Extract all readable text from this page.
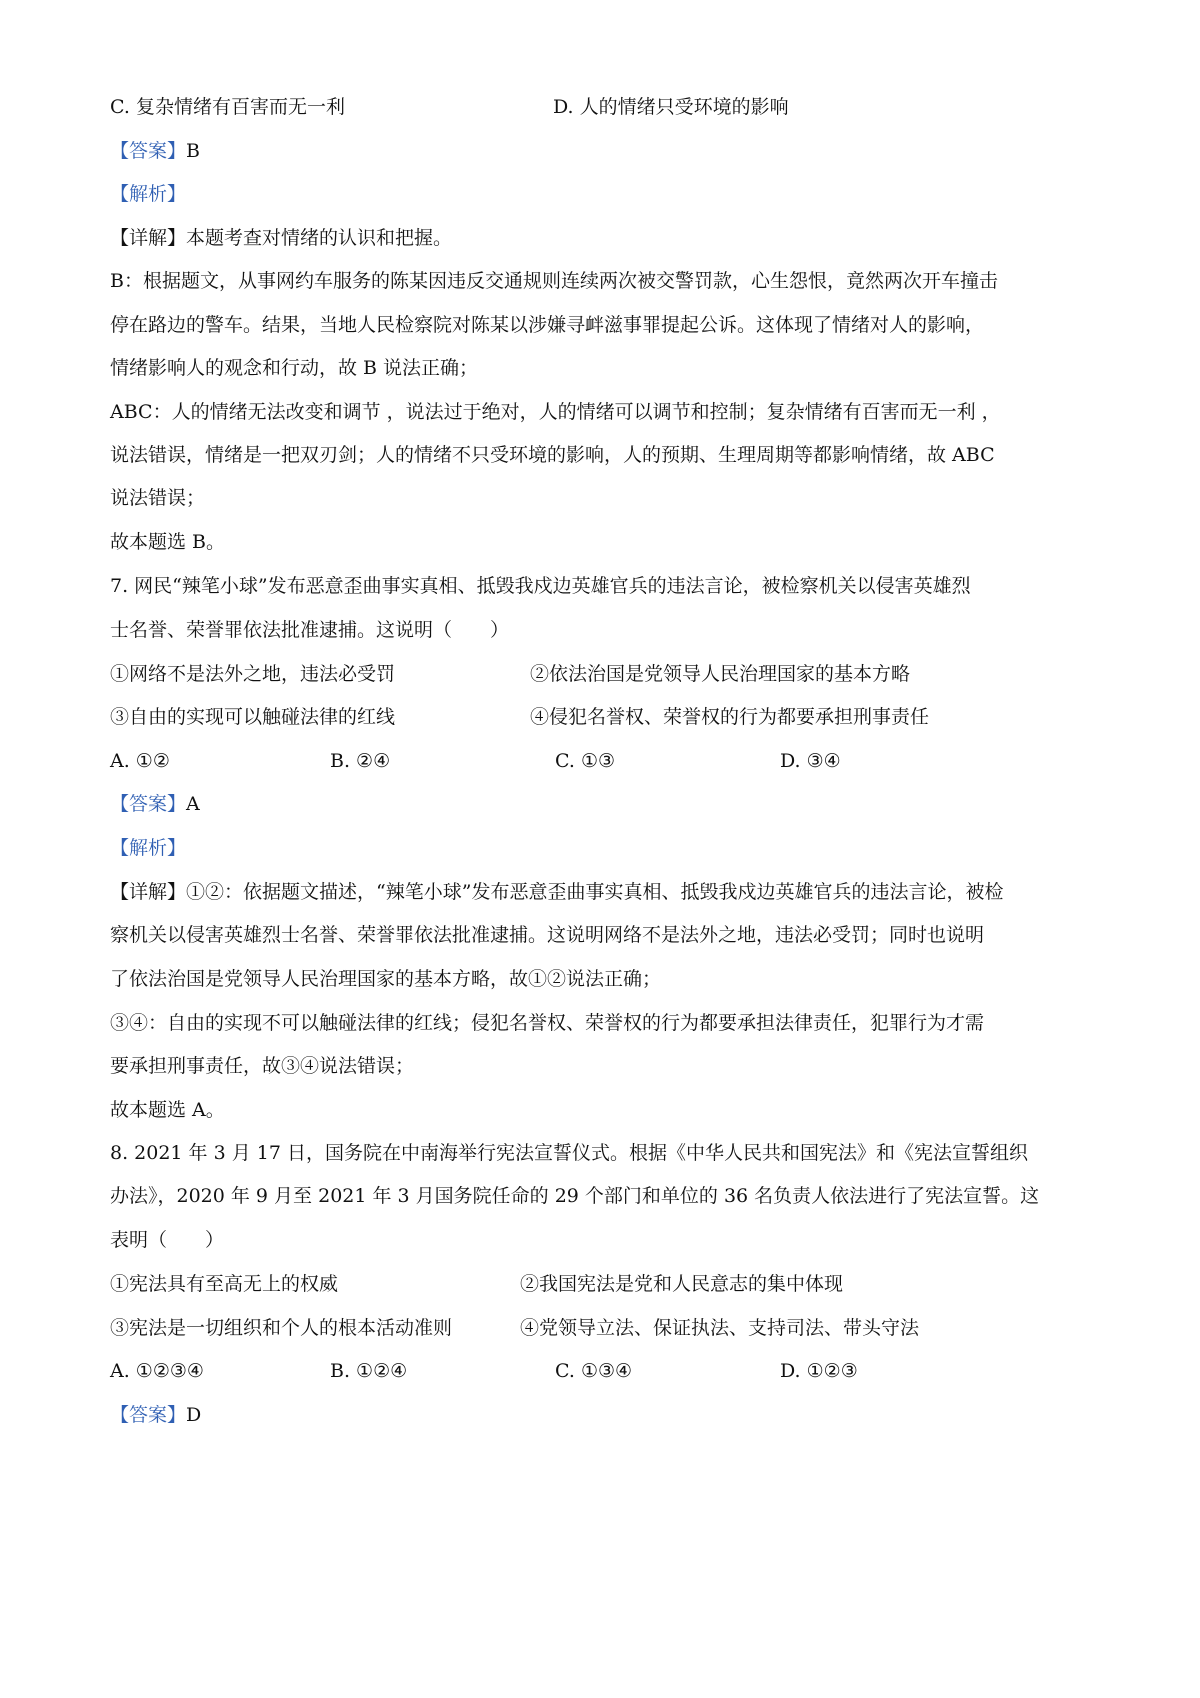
C. 复杂情绪有百害而无一利	D. 人的情绪只受环境的影响
【答案】B
【解析】
【详解】本题考查对情绪的认识和把握。
B：根据题文，从事网约车服务的陈某因违反交通规则连续两次被交警罚款，心生怨恨，竟然两次开车撞击
停在路边的警车。结果，当地人民检察院对陈某以涉嫌寻衅滋事罪提起公诉。这体现了情绪对人的影响，
情绪影响人的观念和行动，故 B 说法正确；
ABC：人的情绪无法改变和调节 ，说法过于绝对，人的情绪可以调节和控制；复杂情绪有百害而无一利 ，
说法错误，情绪是一把双刃剑；人的情绪不只受环境的影响，人的预期、生理周期等都影响情绪，故 ABC
说法错误；
故本题选 B。
7. 网民“辣笔小球”发布恶意歪曲事实真相、抵毁我戍边英雄官兵的违法言论，被检察机关以侵害英雄烈
士名誉、荣誉罪依法批准逮捕。这说明（　　）
①网络不是法外之地，违法必受罚	②依法治国是党领导人民治理国家的基本方略
③自由的实现可以触碰法律的红线	④侵犯名誉权、荣誉权的行为都要承担刑事责任
A. ①②	B. ②④	C. ①③	D. ③④
【答案】A
【解析】
【详解】①②：依据题文描述，“辣笔小球”发布恶意歪曲事实真相、抵毁我戍边英雄官兵的违法言论，被检
察机关以侵害英雄烈士名誉、荣誉罪依法批准逮捕。这说明网络不是法外之地，违法必受罚；同时也说明
了依法治国是党领导人民治理国家的基本方略，故①②说法正确；
③④：自由的实现不可以触碰法律的红线；侵犯名誉权、荣誉权的行为都要承担法律责任，犯罪行为才需
要承担刑事责任，故③④说法错误；
故本题选 A。
8. 2021 年 3 月 17 日，国务院在中南海举行宪法宣誓仪式。根据《中华人民共和国宪法》和《宪法宣誓组织
办法》，2020 年 9 月至 2021 年 3 月国务院任命的 29 个部门和单位的 36 名负责人依法进行了宪法宣誓。这
表明（　　）
①宪法具有至高无上的权威	②我国宪法是党和人民意志的集中体现
③宪法是一切组织和个人的根本活动准则	④党领导立法、保证执法、支持司法、带头守法
A. ①②③④	B. ①②④	C. ①③④	D. ①②③
【答案】D
